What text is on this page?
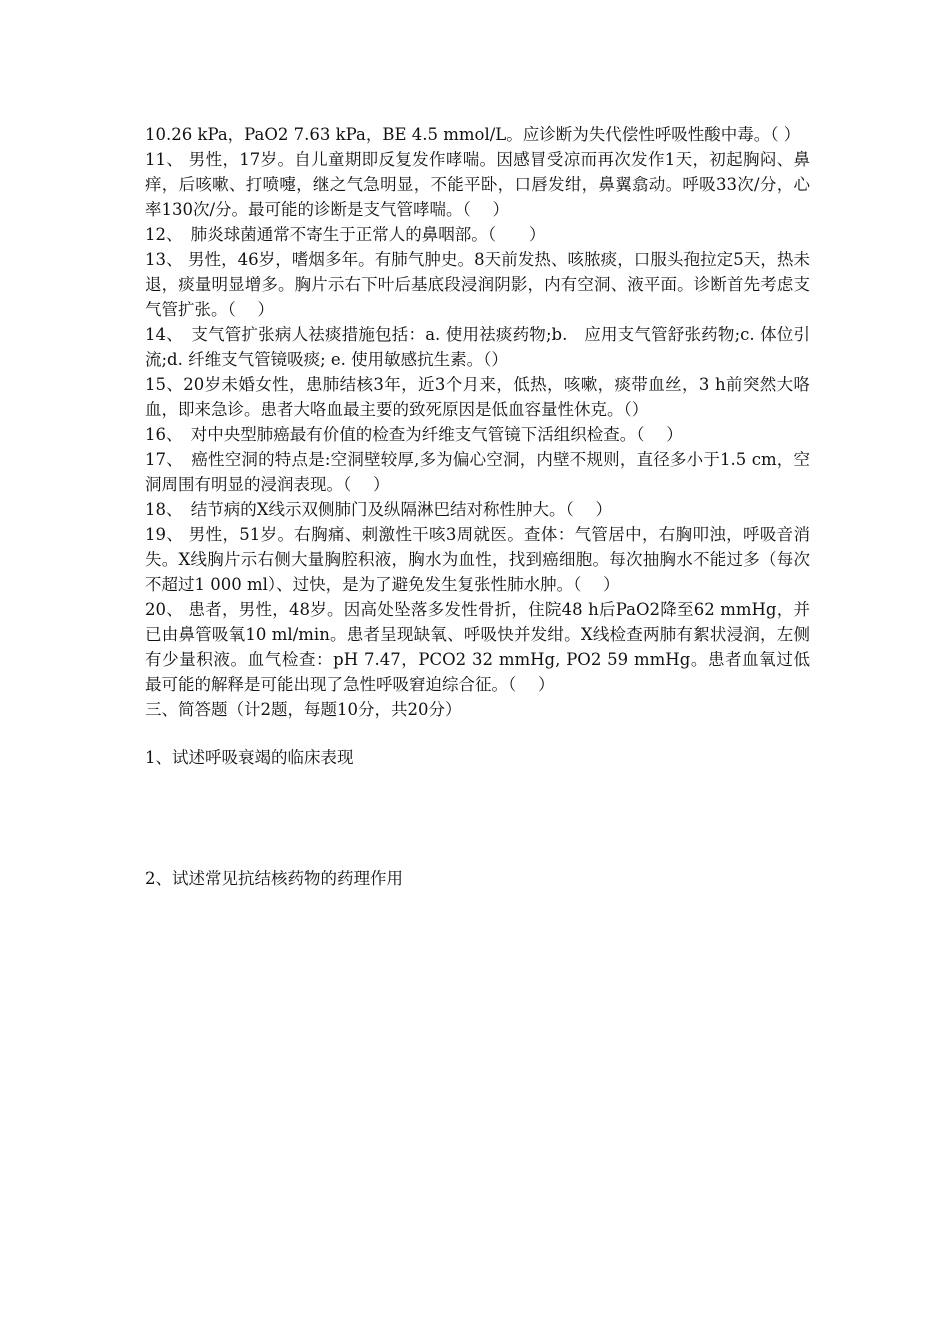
10.26 kPa，PaO2 7.63 kPa，BE 4.5 mmol/L。应诊断为失代偿性呼吸性酸中毒。（ ）

11、 男性，17岁。自儿童期即反复发作哮喘。因感冒受凉而再次发作1天，初起胸闷、鼻痒，后咳嗽、打喷嚏，继之气急明显，不能平卧，口唇发绀，鼻翼翕动。呼吸33次/分，心率130次/分。最可能的诊断是支气管哮喘。（　 ）

12、　肺炎球菌通常不寄生于正常人的鼻咽部。（　　）

13、 男性，46岁，嗜烟多年。有肺气肿史。8天前发热、咳脓痰，口服头孢拉定5天，热未退，痰量明显增多。胸片示右下叶后基底段浸润阴影，内有空洞、液平面。诊断首先考虑支气管扩张。（　 ）

14、　支气管扩张病人祛痰措施包括：a. 使用祛痰药物;b.　应用支气管舒张药物;c. 体位引流;d. 纤维支气管镜吸痰; e. 使用敏感抗生素。（）

15、20岁未婚女性，患肺结核3年，近3个月来，低热，咳嗽，痰带血丝，3 h前突然大咯血，即来急诊。患者大咯血最主要的致死原因是低血容量性休克。（）

16、　对中央型肺癌最有价值的检查为纤维支气管镜下活组织检查。（　 ）

17、　癌性空洞的特点是:空洞壁较厚,多为偏心空洞，内壁不规则，直径多小于1.5 cm，空洞周围有明显的浸润表现。（　 ）

18、　结节病的X线示双侧肺门及纵隔淋巴结对称性肿大。（　 ）

19、 男性，51岁。右胸痛、刺激性干咳3周就医。查体：气管居中，右胸叩浊，呼吸音消失。X线胸片示右侧大量胸腔积液，胸水为血性，找到癌细胞。每次抽胸水不能过多（每次不超过1 000 ml）、过快，是为了避免发生复张性肺水肿。（　 ）

20、 患者，男性，48岁。因高处坠落多发性骨折，住院48 h后PaO2降至62 mmHg，并已由鼻管吸氧10 ml/min。患者呈现缺氧、呼吸快并发绀。X线检查两肺有絮状浸润，左侧有少量积液。血气检查：pH 7.47，PCO2 32 mmHg, PO2 59 mmHg。患者血氧过低最可能的解释是可能出现了急性呼吸窘迫综合征。（　 ）

三、简答题（计2题，每题10分，共20分）

1、试述呼吸衰竭的临床表现

2、试述常见抗结核药物的药理作用
